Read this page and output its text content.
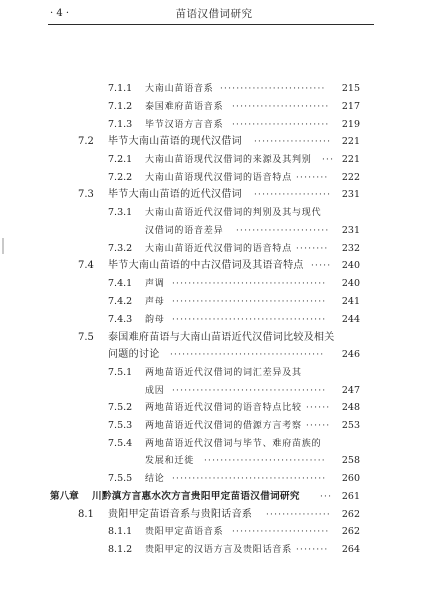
· 4 ·	苗语汉借词研究
7.1.1 大南山苗语音系 ··························	215
7.1.2 泰国难府苗语音系 ························	217
7.1.3 毕节汉语方言音系 ························	219
7.2 毕节大南山苗语的现代汉借词 ···················	221
7.2.1 大南山苗语现代汉借词的来源及其判别 ··· 221
7.2.2 大南山苗语现代汉借词的语音特点 ········	222
7.3 毕节大南山苗语的近代汉借词 ···················	231
7.3.1 大南山苗语近代汉借词的判别及其与现代
汉借词的语音差异 ·······················	231
7.3.2 大南山苗语近代汉借词的语音特点 ········	232
7.4 毕节大南山苗语的中古汉借词及其语音特点 ·····	240
7.4.1 声调 ······································	240
7.4.2 声母 ······································	241
7.4.3 韵母 ······································	244
7.5 泰国难府苗语与大南山苗语近代汉借词比较及相关
问题的讨论 ······································	246
7.5.1 两地苗语近代汉借词的词汇差异及其
成因 ······································	247
7.5.2 两地苗语近代汉借词的语音特点比较 ······	248
7.5.3 两地苗语近代汉借词的借源方言考察 ······	253
7.5.4 两地苗语近代汉借词与毕节、难府苗族的
发展和迁徙 ······························	258
7.5.5 结论 ······································	260
第八章 川黔滇方言惠水次方言贵阳甲定苗语汉借词研究 ···	261
8.1 贵阳甲定苗语音系与贵阳话音系 ················	262
8.1.1 贵阳甲定苗语音系 ························	262
8.1.2 贵阳甲定的汉语方言及贵阳话音系 ········	264
